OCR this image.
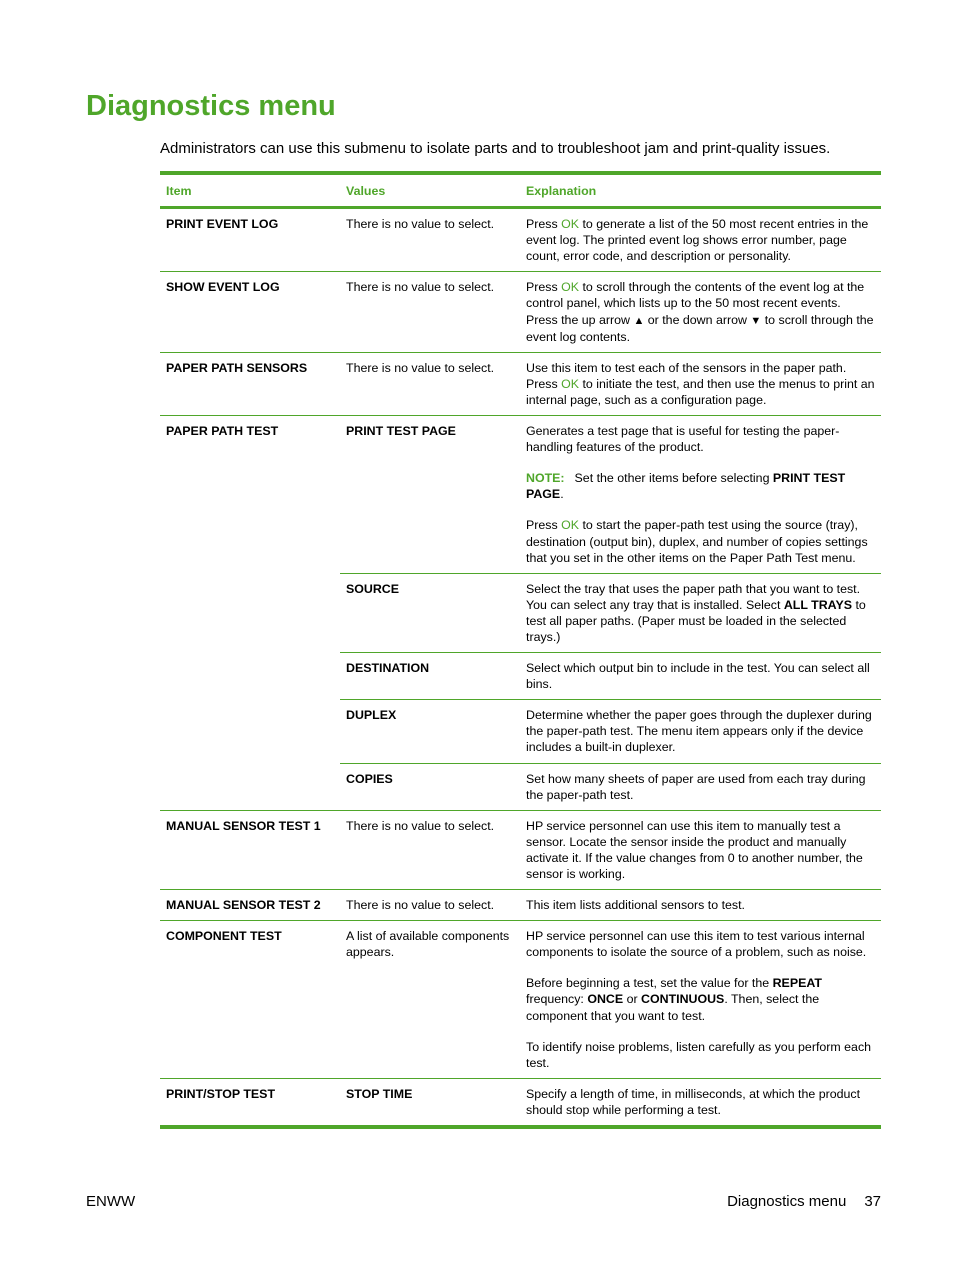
Diagnostics menu

Administrators can use this submenu to isolate parts and to troubleshoot jam and print-quality issues.

Item	Values	Explanation
PRINT EVENT LOG	There is no value to select.	Press OK to generate a list of the 50 most recent entries in the event log. The printed event log shows error number, page count, error code, and description or personality.
SHOW EVENT LOG	There is no value to select.	Press OK to scroll through the contents of the event log at the control panel, which lists up to the 50 most recent events. Press the up arrow ▲ or the down arrow ▼ to scroll through the event log contents.
PAPER PATH SENSORS	There is no value to select.	Use this item to test each of the sensors in the paper path. Press OK to initiate the test, and then use the menus to print an internal page, such as a configuration page.
PAPER PATH TEST	PRINT TEST PAGE	Generates a test page that is useful for testing the paper-handling features of the product.

NOTE: Set the other items before selecting PRINT TEST PAGE.

Press OK to start the paper-path test using the source (tray), destination (output bin), duplex, and number of copies settings that you set in the other items on the Paper Path Test menu.

	SOURCE	Select the tray that uses the paper path that you want to test. You can select any tray that is installed. Select ALL TRAYS to test all paper paths. (Paper must be loaded in the selected trays.)
	DESTINATION	Select which output bin to include in the test. You can select all bins.
	DUPLEX	Determine whether the paper goes through the duplexer during the paper-path test. The menu item appears only if the device includes a built-in duplexer.
	COPIES	Set how many sheets of paper are used from each tray during the paper-path test.
MANUAL SENSOR TEST 1	There is no value to select.	HP service personnel can use this item to manually test a sensor. Locate the sensor inside the product and manually activate it. If the value changes from 0 to another number, the sensor is working.
MANUAL SENSOR TEST 2	There is no value to select.	This item lists additional sensors to test.
COMPONENT TEST	A list of available components appears.	HP service personnel can use this item to test various internal components to isolate the source of a problem, such as noise.

Before beginning a test, set the value for the REPEAT frequency: ONCE or CONTINUOUS. Then, select the component that you want to test.

To identify noise problems, listen carefully as you perform each test.

PRINT/STOP TEST	STOP TIME	Specify a length of time, in milliseconds, at which the product should stop while performing a test.
ENWW	Diagnostics menu 37
